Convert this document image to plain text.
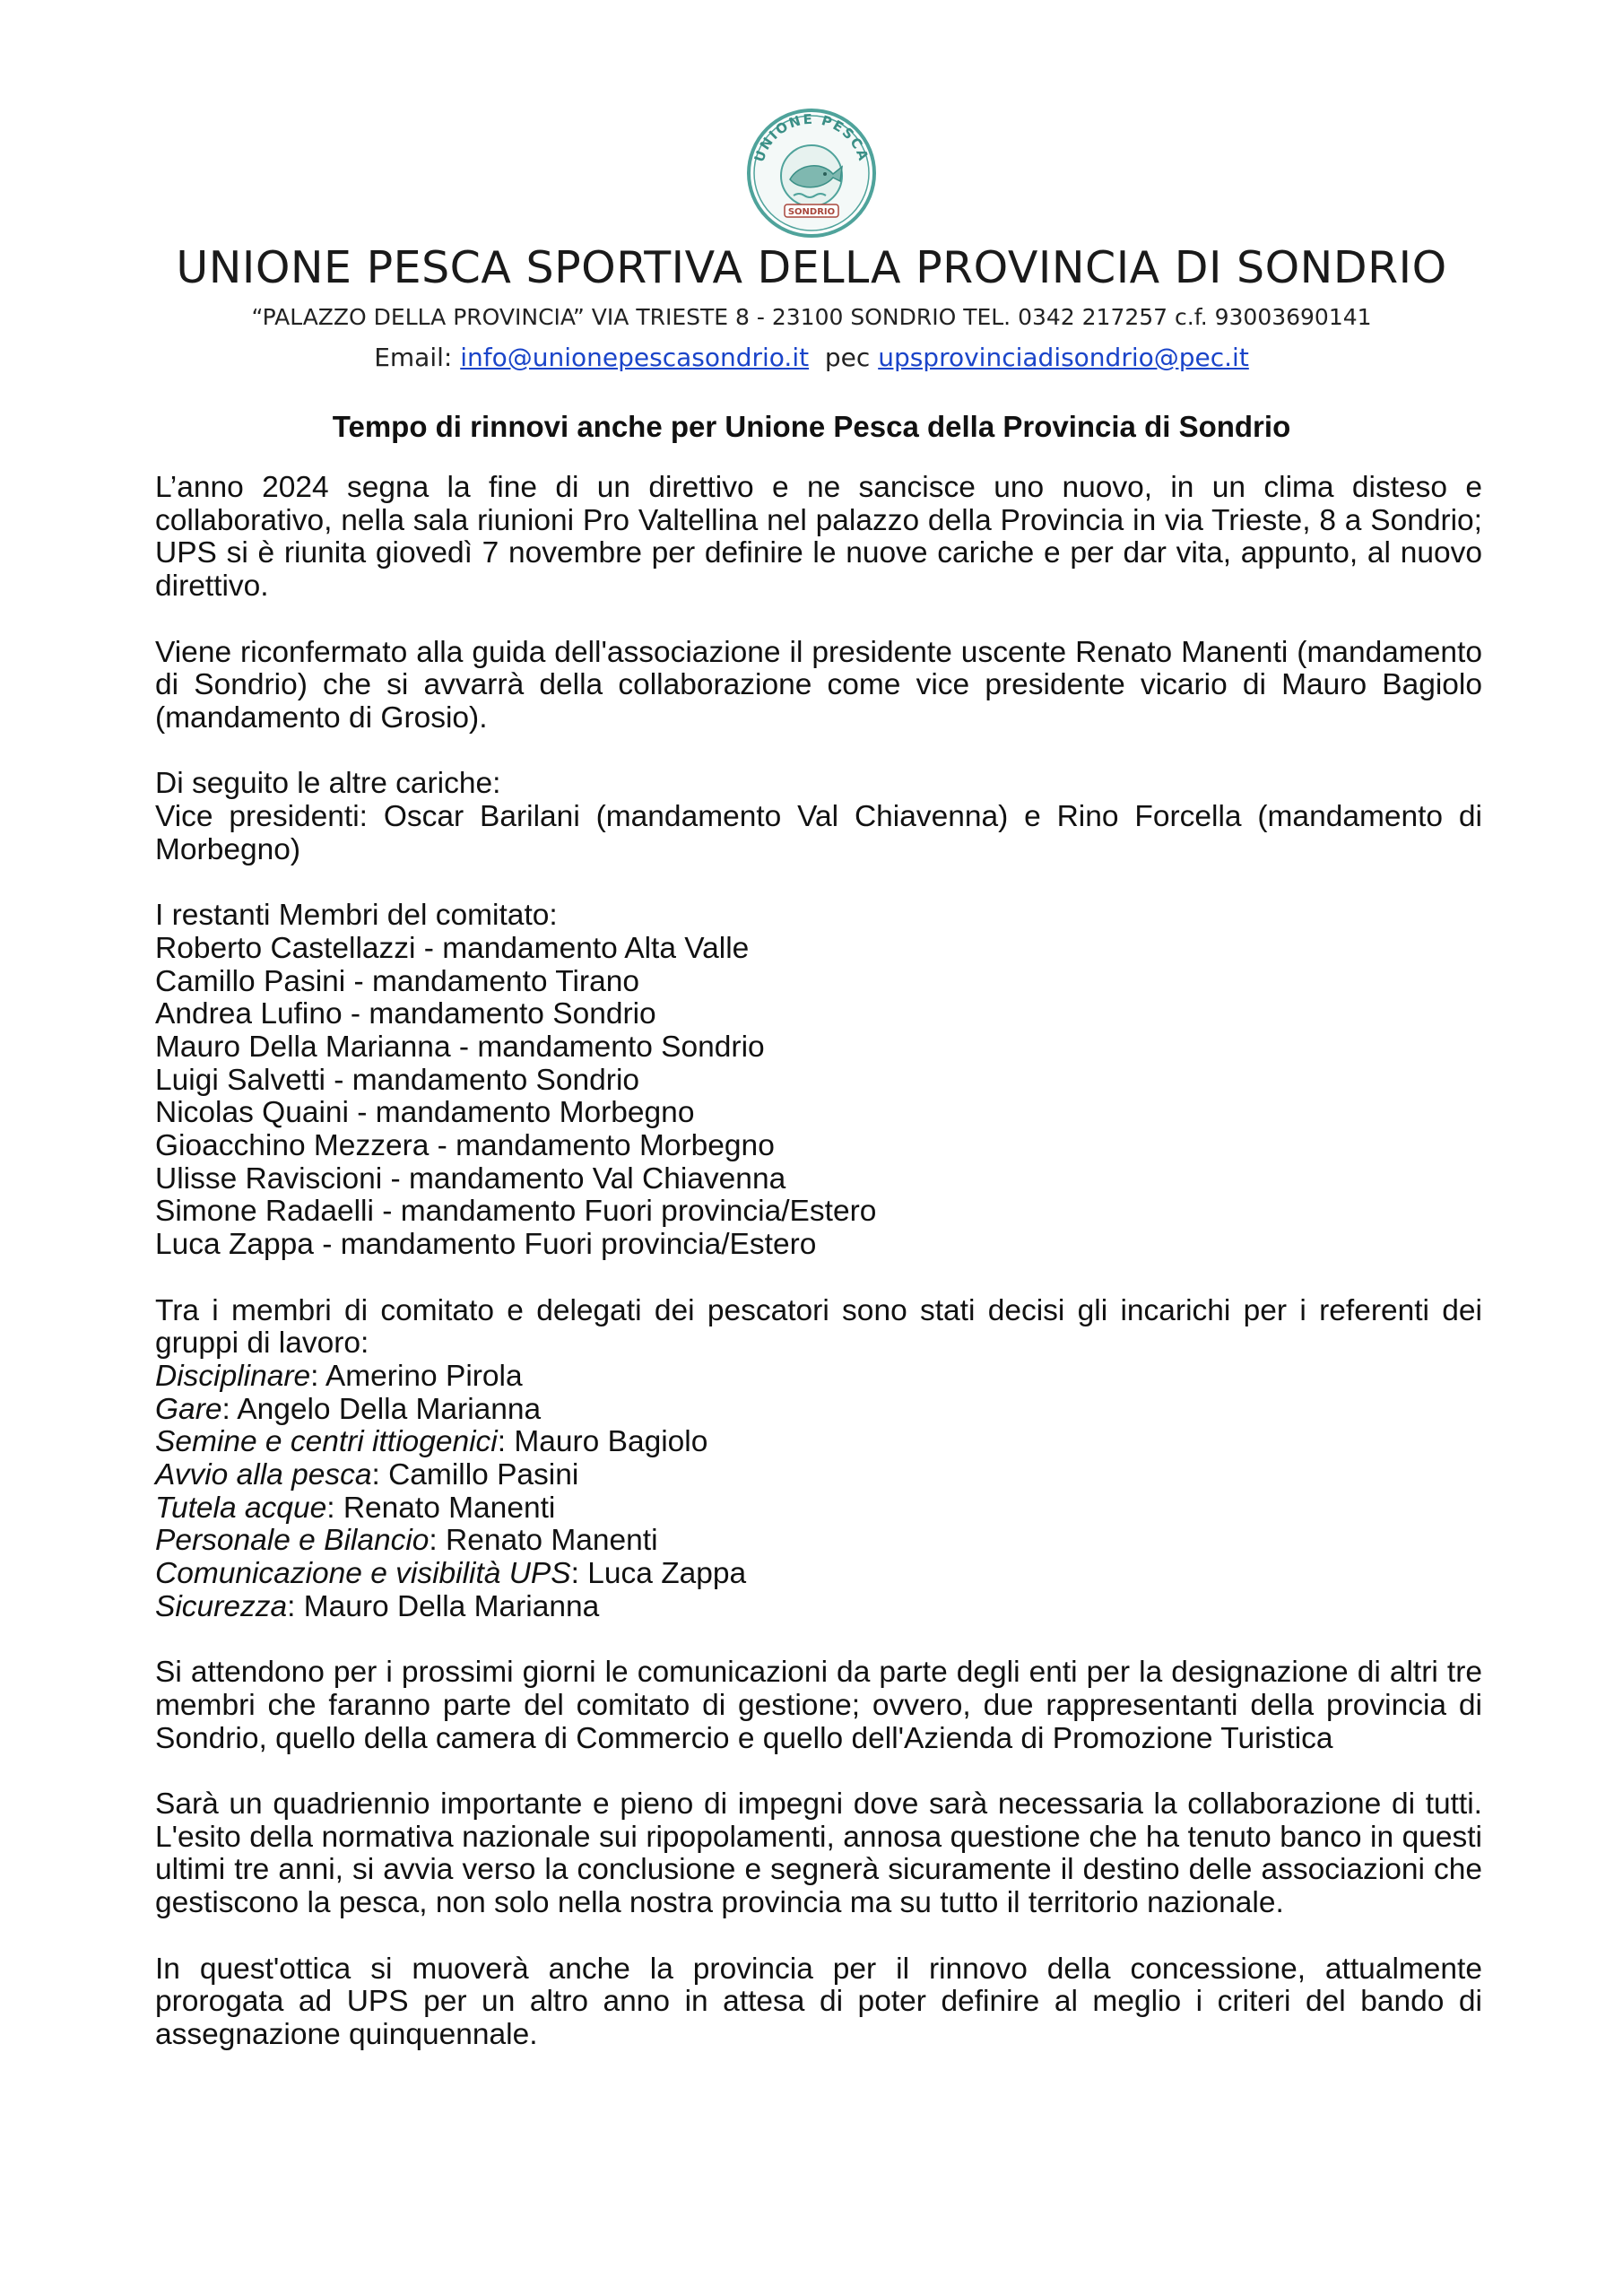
SONDRIO
UNIONE PESCA
UNIONE PESCA SPORTIVA DELLA PROVINCIA DI SONDRIO
“PALAZZO DELLA PROVINCIA” VIA TRIESTE 8 - 23100 SONDRIO TEL. 0342 217257 c.f. 93003690141
Email: info@unionepescasondrio.it pec upsprovinciadisondrio@pec.it
Tempo di rinnovi anche per Unione Pesca della Provincia di Sondrio

L’anno 2024 segna la fine di un direttivo e ne sancisce uno nuovo, in un clima disteso e collaborativo, nella sala riunioni Pro Valtellina nel palazzo della Provincia in via Trieste, 8 a Sondrio; UPS si è riunita giovedì 7 novembre per definire le nuove cariche e per dar vita, appunto, al nuovo direttivo.

Viene riconfermato alla guida dell'associazione il presidente uscente Renato Manenti (mandamento di Sondrio) che si avvarrà della collaborazione come vice presidente vicario di Mauro Bagiolo (mandamento di Grosio).

Di seguito le altre cariche:
Vice presidenti: Oscar Barilani (mandamento Val Chiavenna) e Rino Forcella (mandamento di Morbegno)

I restanti Membri del comitato:
Roberto Castellazzi - mandamento Alta Valle
Camillo Pasini - mandamento Tirano
Andrea Lufino - mandamento Sondrio
Mauro Della Marianna - mandamento Sondrio
Luigi Salvetti - mandamento Sondrio
Nicolas Quaini - mandamento Morbegno
Gioacchino Mezzera - mandamento Morbegno
Ulisse Raviscioni - mandamento Val Chiavenna
Simone Radaelli - mandamento Fuori provincia/Estero
Luca Zappa - mandamento Fuori provincia/Estero

Tra i membri di comitato e delegati dei pescatori sono stati decisi gli incarichi per i referenti dei gruppi di lavoro:
Disciplinare: Amerino Pirola
Gare: Angelo Della Marianna
Semine e centri ittiogenici: Mauro Bagiolo
Avvio alla pesca: Camillo Pasini
Tutela acque: Renato Manenti
Personale e Bilancio: Renato Manenti
Comunicazione e visibilità UPS: Luca Zappa
Sicurezza: Mauro Della Marianna

Si attendono per i prossimi giorni le comunicazioni da parte degli enti per la designazione di altri tre membri che faranno parte del comitato di gestione; ovvero, due rappresentanti della provincia di Sondrio, quello della camera di Commercio e quello dell'Azienda di Promozione Turistica

Sarà un quadriennio importante e pieno di impegni dove sarà necessaria la collaborazione di tutti. L'esito della normativa nazionale sui ripopolamenti, annosa questione che ha tenuto banco in questi ultimi tre anni, si avvia verso la conclusione e segnerà sicuramente il destino delle associazioni che gestiscono la pesca, non solo nella nostra provincia ma su tutto il territorio nazionale.

In quest'ottica si muoverà anche la provincia per il rinnovo della concessione, attualmente prorogata ad UPS per un altro anno in attesa di poter definire al meglio i criteri del bando di assegnazione quinquennale.
